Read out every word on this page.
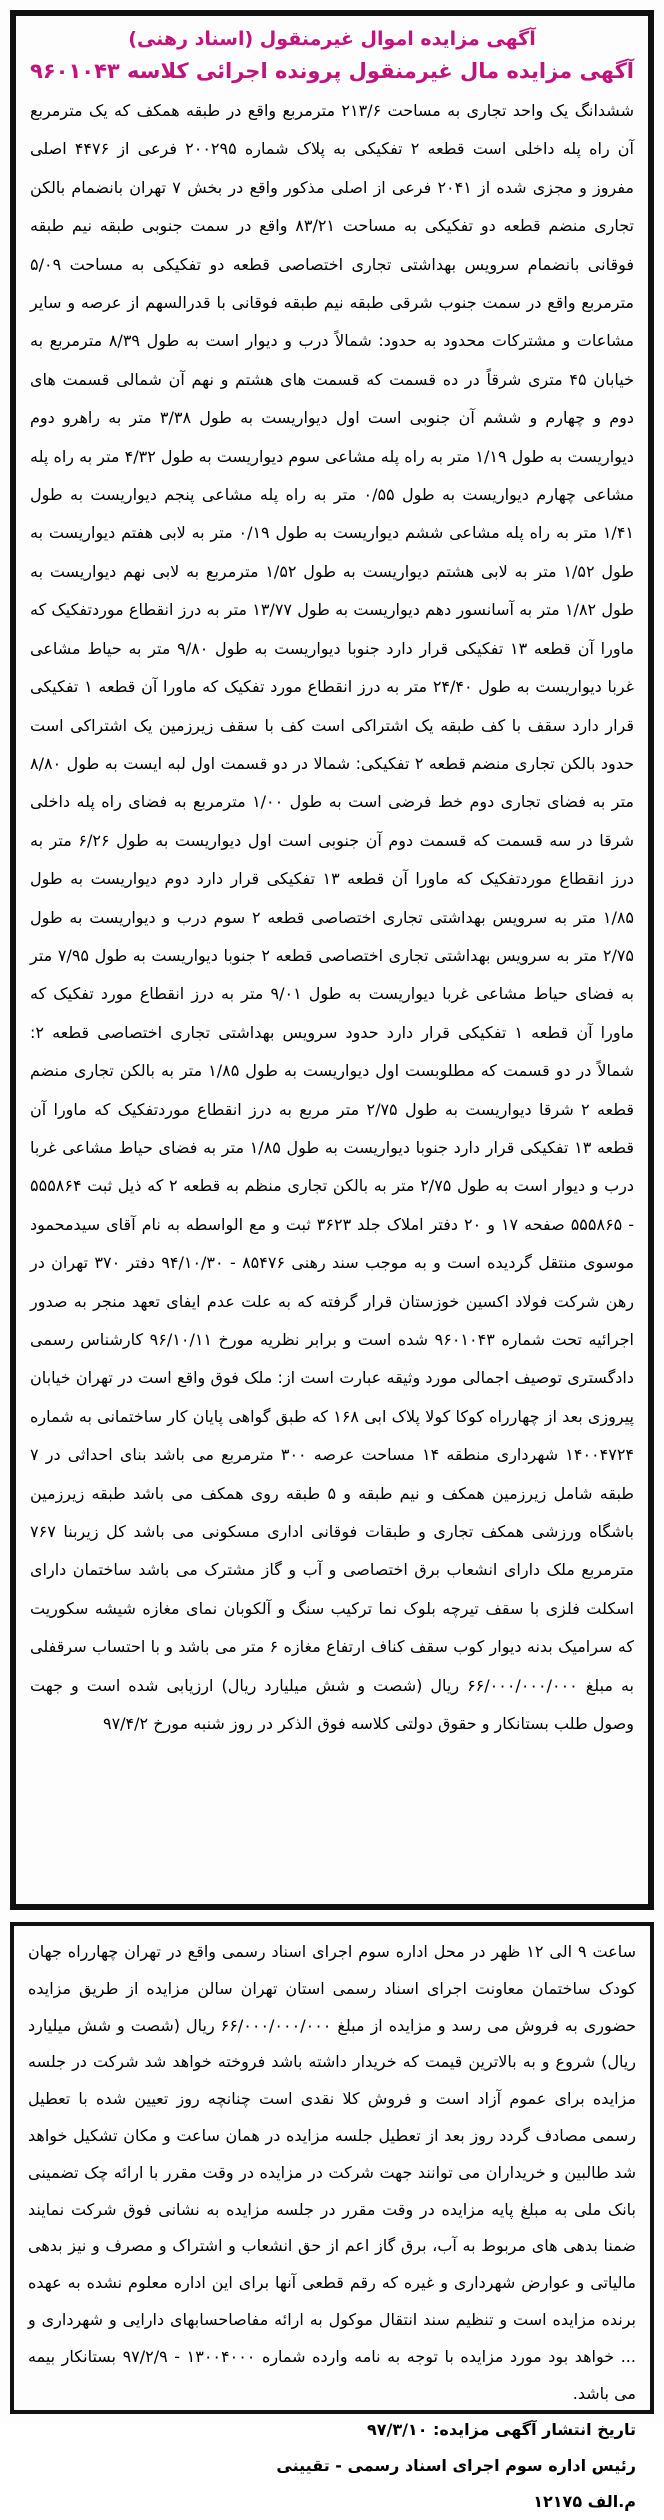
آگهی مزایده اموال غیرمنقول (اسناد رهنی)
آگهی مزایده مال غیرمنقول پرونده اجرائی کلاسه ۹۶۰۱۰۴۳
ششدانگ یک واحد تجاری به مساحت ۲۱۳/۶ مترمربع واقع در طبقه همکف که یک مترمربع آن راه پله داخلی است قطعه ۲ تفکیکی به پلاک شماره ۲۰۰۲۹۵ فرعی از ۴۴۷۶ اصلی مفروز و مجزی شده از ۲۰۴۱ فرعی از اصلی مذکور واقع در بخش ۷ تهران بانضمام بالکن تجاری منضم قطعه دو تفکیکی به مساحت ۸۳/۲۱ واقع در سمت جنوبی طبقه نیم طبقه فوقانی بانضمام سرویس بهداشتی تجاری اختصاصی قطعه دو تفکیکی به مساحت ۵/۰۹ مترمربع واقع در سمت جنوب شرقی طبقه نیم طبقه فوقانی با قدرالسهم از عرصه و سایر مشاعات و مشترکات محدود به حدود: شمالاً درب و دیوار است به طول ۸/۳۹ مترمربع به خیابان ۴۵ متری شرقاً در ده قسمت که قسمت های هشتم و نهم آن شمالی قسمت های دوم و چهارم و ششم آن جنوبی است اول دیواریست به طول ۳/۳۸ متر به راهرو دوم دیواریست به طول ۱/۱۹ متر به راه پله مشاعی سوم دیواریست به طول ۴/۳۲ متر به راه پله مشاعی چهارم دیواریست به طول ۰/۵۵ متر به راه پله مشاعی پنجم دیواریست به طول ۱/۴۱ متر به راه پله مشاعی ششم دیواریست به طول ۰/۱۹ متر به لابی هفتم دیواریست به طول ۱/۵۲ متر به لابی هشتم دیواریست به طول ۱/۵۲ مترمربع به لابی نهم دیواریست به طول ۱/۸۲ متر به آسانسور دهم دیواریست به طول ۱۳/۷۷ متر به درز انقطاع موردتفکیک که ماورا آن قطعه ۱۳ تفکیکی قرار دارد جنوبا دیواریست به طول ۹/۸۰ متر به حیاط مشاعی غربا دیواریست به طول ۲۴/۴۰ متر به درز انقطاع مورد تفکیک که ماورا آن قطعه ۱ تفکیکی قرار دارد سقف با کف طبقه یک اشتراکی است کف با سقف زیرزمین یک اشتراکی است حدود بالکن تجاری منضم قطعه ۲ تفکیکی: شمالا در دو قسمت اول لبه ایست به طول ۸/۸۰ متر به فضای تجاری دوم خط فرضی است به طول ۱/۰۰ مترمربع به فضای راه پله داخلی شرقا در سه قسمت که قسمت دوم آن جنوبی است اول دیواریست به طول ۶/۲۶ متر به درز انقطاع موردتفکیک که ماورا آن قطعه ۱۳ تفکیکی قرار دارد دوم دیواریست به طول ۱/۸۵ متر به سرویس بهداشتی تجاری اختصاصی قطعه ۲ سوم درب و دیواریست به طول ۲/۷۵ متر به سرویس بهداشتی تجاری اختصاصی قطعه ۲ جنوبا دیواریست به طول ۷/۹۵ متر به فضای حیاط مشاعی غربا دیواریست به طول ۹/۰۱ متر به درز انقطاع مورد تفکیک که ماورا آن قطعه ۱ تفکیکی قرار دارد حدود سرویس بهداشتی تجاری اختصاصی قطعه ۲: شمالاً در دو قسمت که مطلوبست اول دیواریست به طول ۱/۸۵ متر به بالکن تجاری منضم قطعه ۲ شرقا دیواریست به طول ۲/۷۵ متر مربع به درز انقطاع موردتفکیک که ماورا آن قطعه ۱۳ تفکیکی قرار دارد جنوبا دیواریست به طول ۱/۸۵ متر به فضای حیاط مشاعی غربا درب و دیوار است به طول ۲/۷۵ متر به بالکن تجاری منظم به قطعه ۲ که ذیل ثبت ۵۵۵۸۶۴ - ۵۵۵۸۶۵ صفحه ۱۷ و ۲۰ دفتر املاک جلد ۳۶۲۳ ثبت و مع الواسطه به نام آقای سیدمحمود موسوی منتقل گردیده است و به موجب سند رهنی ۸۵۴۷۶ - ۹۴/۱۰/۳۰ دفتر ۳۷۰ تهران در رهن شرکت فولاد اکسین خوزستان قرار گرفته که به علت عدم ایفای تعهد منجر به صدور اجرائیه تحت شماره ۹۶۰۱۰۴۳ شده است و برابر نظریه مورخ ۹۶/۱۰/۱۱ کارشناس رسمی دادگستری توصیف اجمالی مورد وثیقه عبارت است از: ملک فوق واقع است در تهران خیابان پیروزی بعد از چهارراه کوکا کولا پلاک ابی ۱۶۸ که طبق گواهی پایان کار ساختمانی به شماره ۱۴۰۰۴۷۲۴ شهرداری منطقه ۱۴ مساحت عرصه ۳۰۰ مترمربع می باشد بنای احداثی در ۷ طبقه شامل زیرزمین همکف و نیم طبقه و ۵ طبقه روی همکف می باشد طبقه زیرزمین باشگاه ورزشی همکف تجاری و طبقات فوقانی اداری مسکونی می باشد کل زیربنا ۷۶۷ مترمربع ملک دارای انشعاب برق اختصاصی و آب و گاز مشترک می باشد ساختمان دارای اسکلت فلزی با سقف تیرچه بلوک نما ترکیب سنگ و آلکوبان نمای مغازه شیشه سکوریت که سرامیک بدنه دیوار کوب سقف کناف ارتفاع مغازه ۶ متر می باشد و با احتساب سرقفلی به مبلغ ۶۶/۰۰۰/۰۰۰/۰۰۰ ریال (شصت و شش میلیارد ریال) ارزیابی شده است و جهت وصول طلب بستانکار و حقوق دولتی کلاسه فوق الذکر در روز شنبه مورخ ۹۷/۴/۲
ساعت ۹ الی ۱۲ ظهر در محل اداره سوم اجرای اسناد رسمی واقع در تهران چهارراه جهان کودک ساختمان معاونت اجرای اسناد رسمی استان تهران سالن مزایده از طریق مزایده حضوری به فروش می رسد و مزایده از مبلغ ۶۶/۰۰۰/۰۰۰/۰۰۰ ریال (شصت و شش میلیارد ریال) شروع و به بالاترین قیمت که خریدار داشته باشد فروخته خواهد شد شرکت در جلسه مزایده برای عموم آزاد است و فروش کلا نقدی است چنانچه روز تعیین شده با تعطیل رسمی مصادف گردد روز بعد از تعطیل جلسه مزایده در همان ساعت و مکان تشکیل خواهد شد طالبین و خریداران می توانند جهت شرکت در مزایده در وقت مقرر با ارائه چک تضمینی بانک ملی به مبلغ پایه مزایده در وقت مقرر در جلسه مزایده به نشانی فوق شرکت نمایند ضمنا بدهی های مربوط به آب، برق گاز اعم از حق انشعاب و اشتراک و مصرف و نیز بدهی مالیاتی و عوارض شهرداری و غیره که رقم قطعی آنها برای این اداره معلوم نشده به عهده برنده مزایده است و تنظیم سند انتقال موکول به ارائه مفاصاحسابهای دارایی و شهرداری و ... خواهد بود مورد مزایده با توجه به نامه وارده شماره ۱۳۰۰۴۰۰۰ - ۹۷/۲/۹ بستانکار بیمه می باشد.
تاریخ انتشار آگهی مزایده: ۹۷/۳/۱۰
رئیس اداره سوم اجرای اسناد رسمی - تقیینی
م.الف ۱۲۱۷۵
